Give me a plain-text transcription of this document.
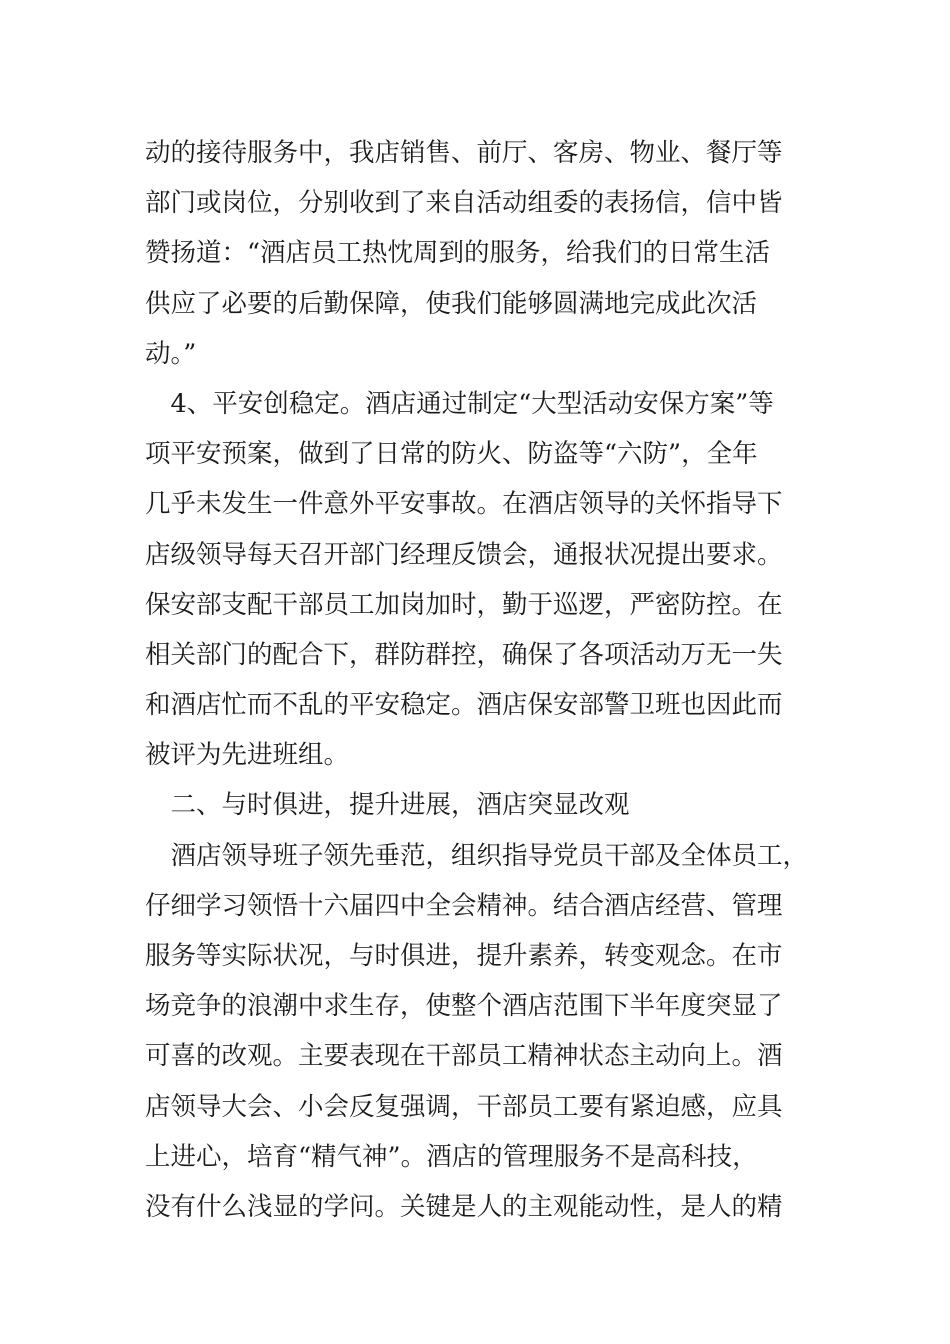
动的接待服务中，我店销售、前厅、客房、物业、餐厅等
部门或岗位，分别收到了来自活动组委的表扬信，信中皆
赞扬道：“酒店员工热忱周到的服务，给我们的日常生活
供应了必要的后勤保障，使我们能够圆满地完成此次活
动。”
　4、平安创稳定。酒店通过制定“大型活动安保方案”等
项平安预案，做到了日常的防火、防盗等“六防”，全年
几乎未发生一件意外平安事故。在酒店领导的关怀指导下
店级领导每天召开部门经理反馈会，通报状况提出要求。
保安部支配干部员工加岗加时，勤于巡逻，严密防控。在
相关部门的配合下，群防群控，确保了各项活动万无一失
和酒店忙而不乱的平安稳定。酒店保安部警卫班也因此而
被评为先进班组。
　二、与时俱进，提升进展，酒店突显改观
　酒店领导班子领先垂范，组织指导党员干部及全体员工，
仔细学习领悟十六届四中全会精神。结合酒店经营、管理
服务等实际状况，与时俱进，提升素养，转变观念。在市
场竞争的浪潮中求生存，使整个酒店范围下半年度突显了
可喜的改观。主要表现在干部员工精神状态主动向上。酒
店领导大会、小会反复强调，干部员工要有紧迫感，应具
上进心，培育“精气神”。酒店的管理服务不是高科技，
没有什么浅显的学问。关键是人的主观能动性，是人的精
